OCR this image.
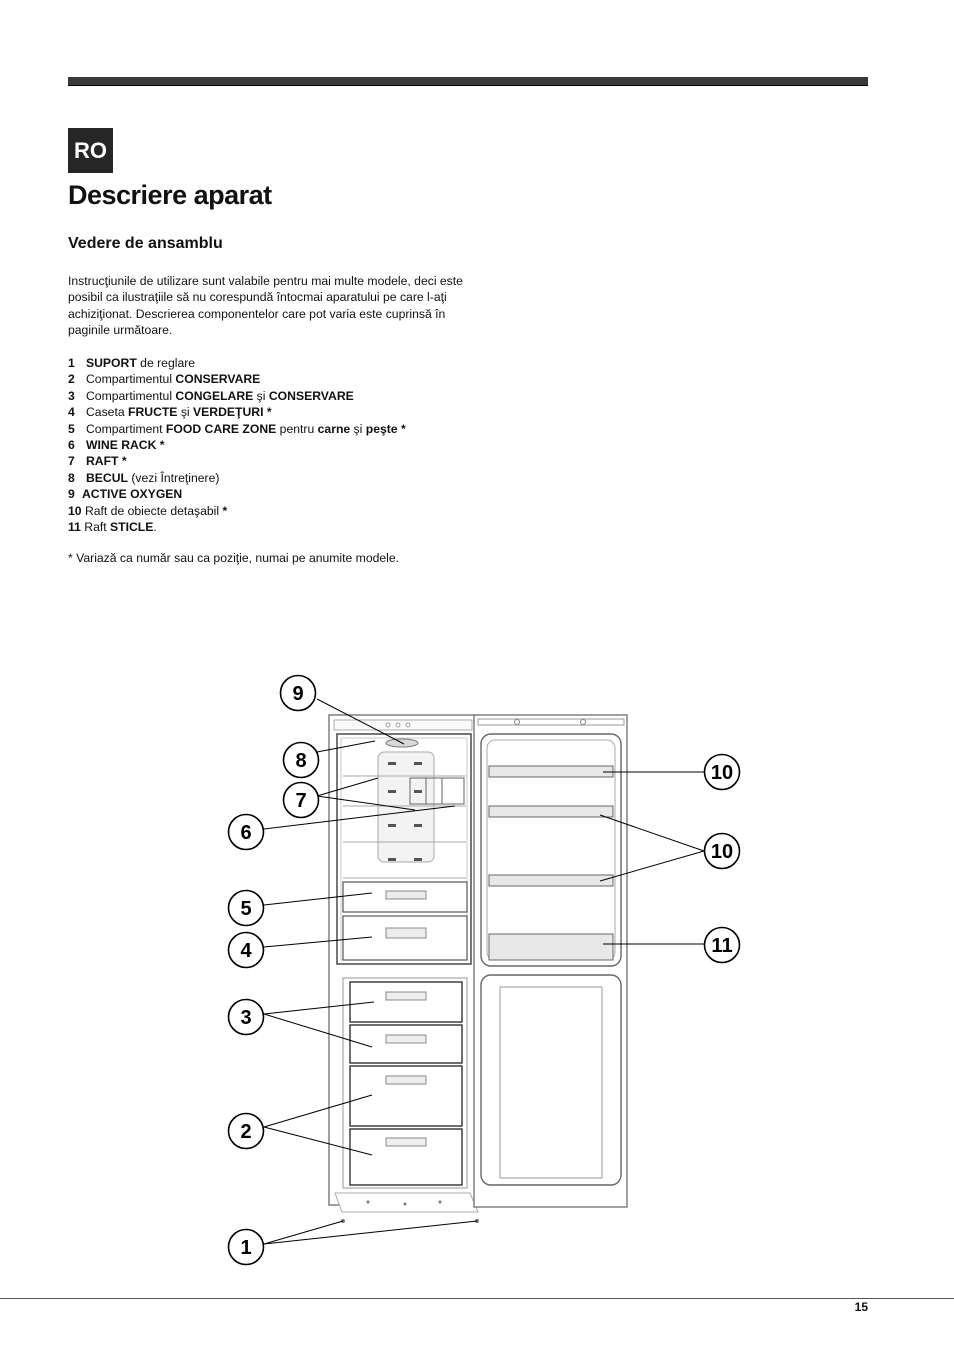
RO
Descriere aparat
Vedere de ansamblu

Instrucţiunile de utilizare sunt valabile pentru mai multe modele, deci este posibil ca ilustraţiile să nu corespundă întocmai aparatului pe care l-aţi achiziţionat. Descrierea componentelor care pot varia este cuprinsă în paginile următoare.

1 SUPORT de reglare
2 Compartimentul CONSERVARE
3 Compartimentul CONGELARE şi CONSERVARE
4 Caseta FRUCTE şi VERDEŢURI *
5 Compartiment FOOD CARE ZONE pentru carne şi peşte *
6 WINE RACK *
7 RAFT *
8 BECUL (vezi Întreţinere)
9 ACTIVE OXYGEN
10 Raft de obiecte detaşabil *
11 Raft STICLE.

* Variază ca număr sau ca poziţie, numai pe anumite modele.

9
8
7
6
5
4
3
2
1
10
10
11
15
